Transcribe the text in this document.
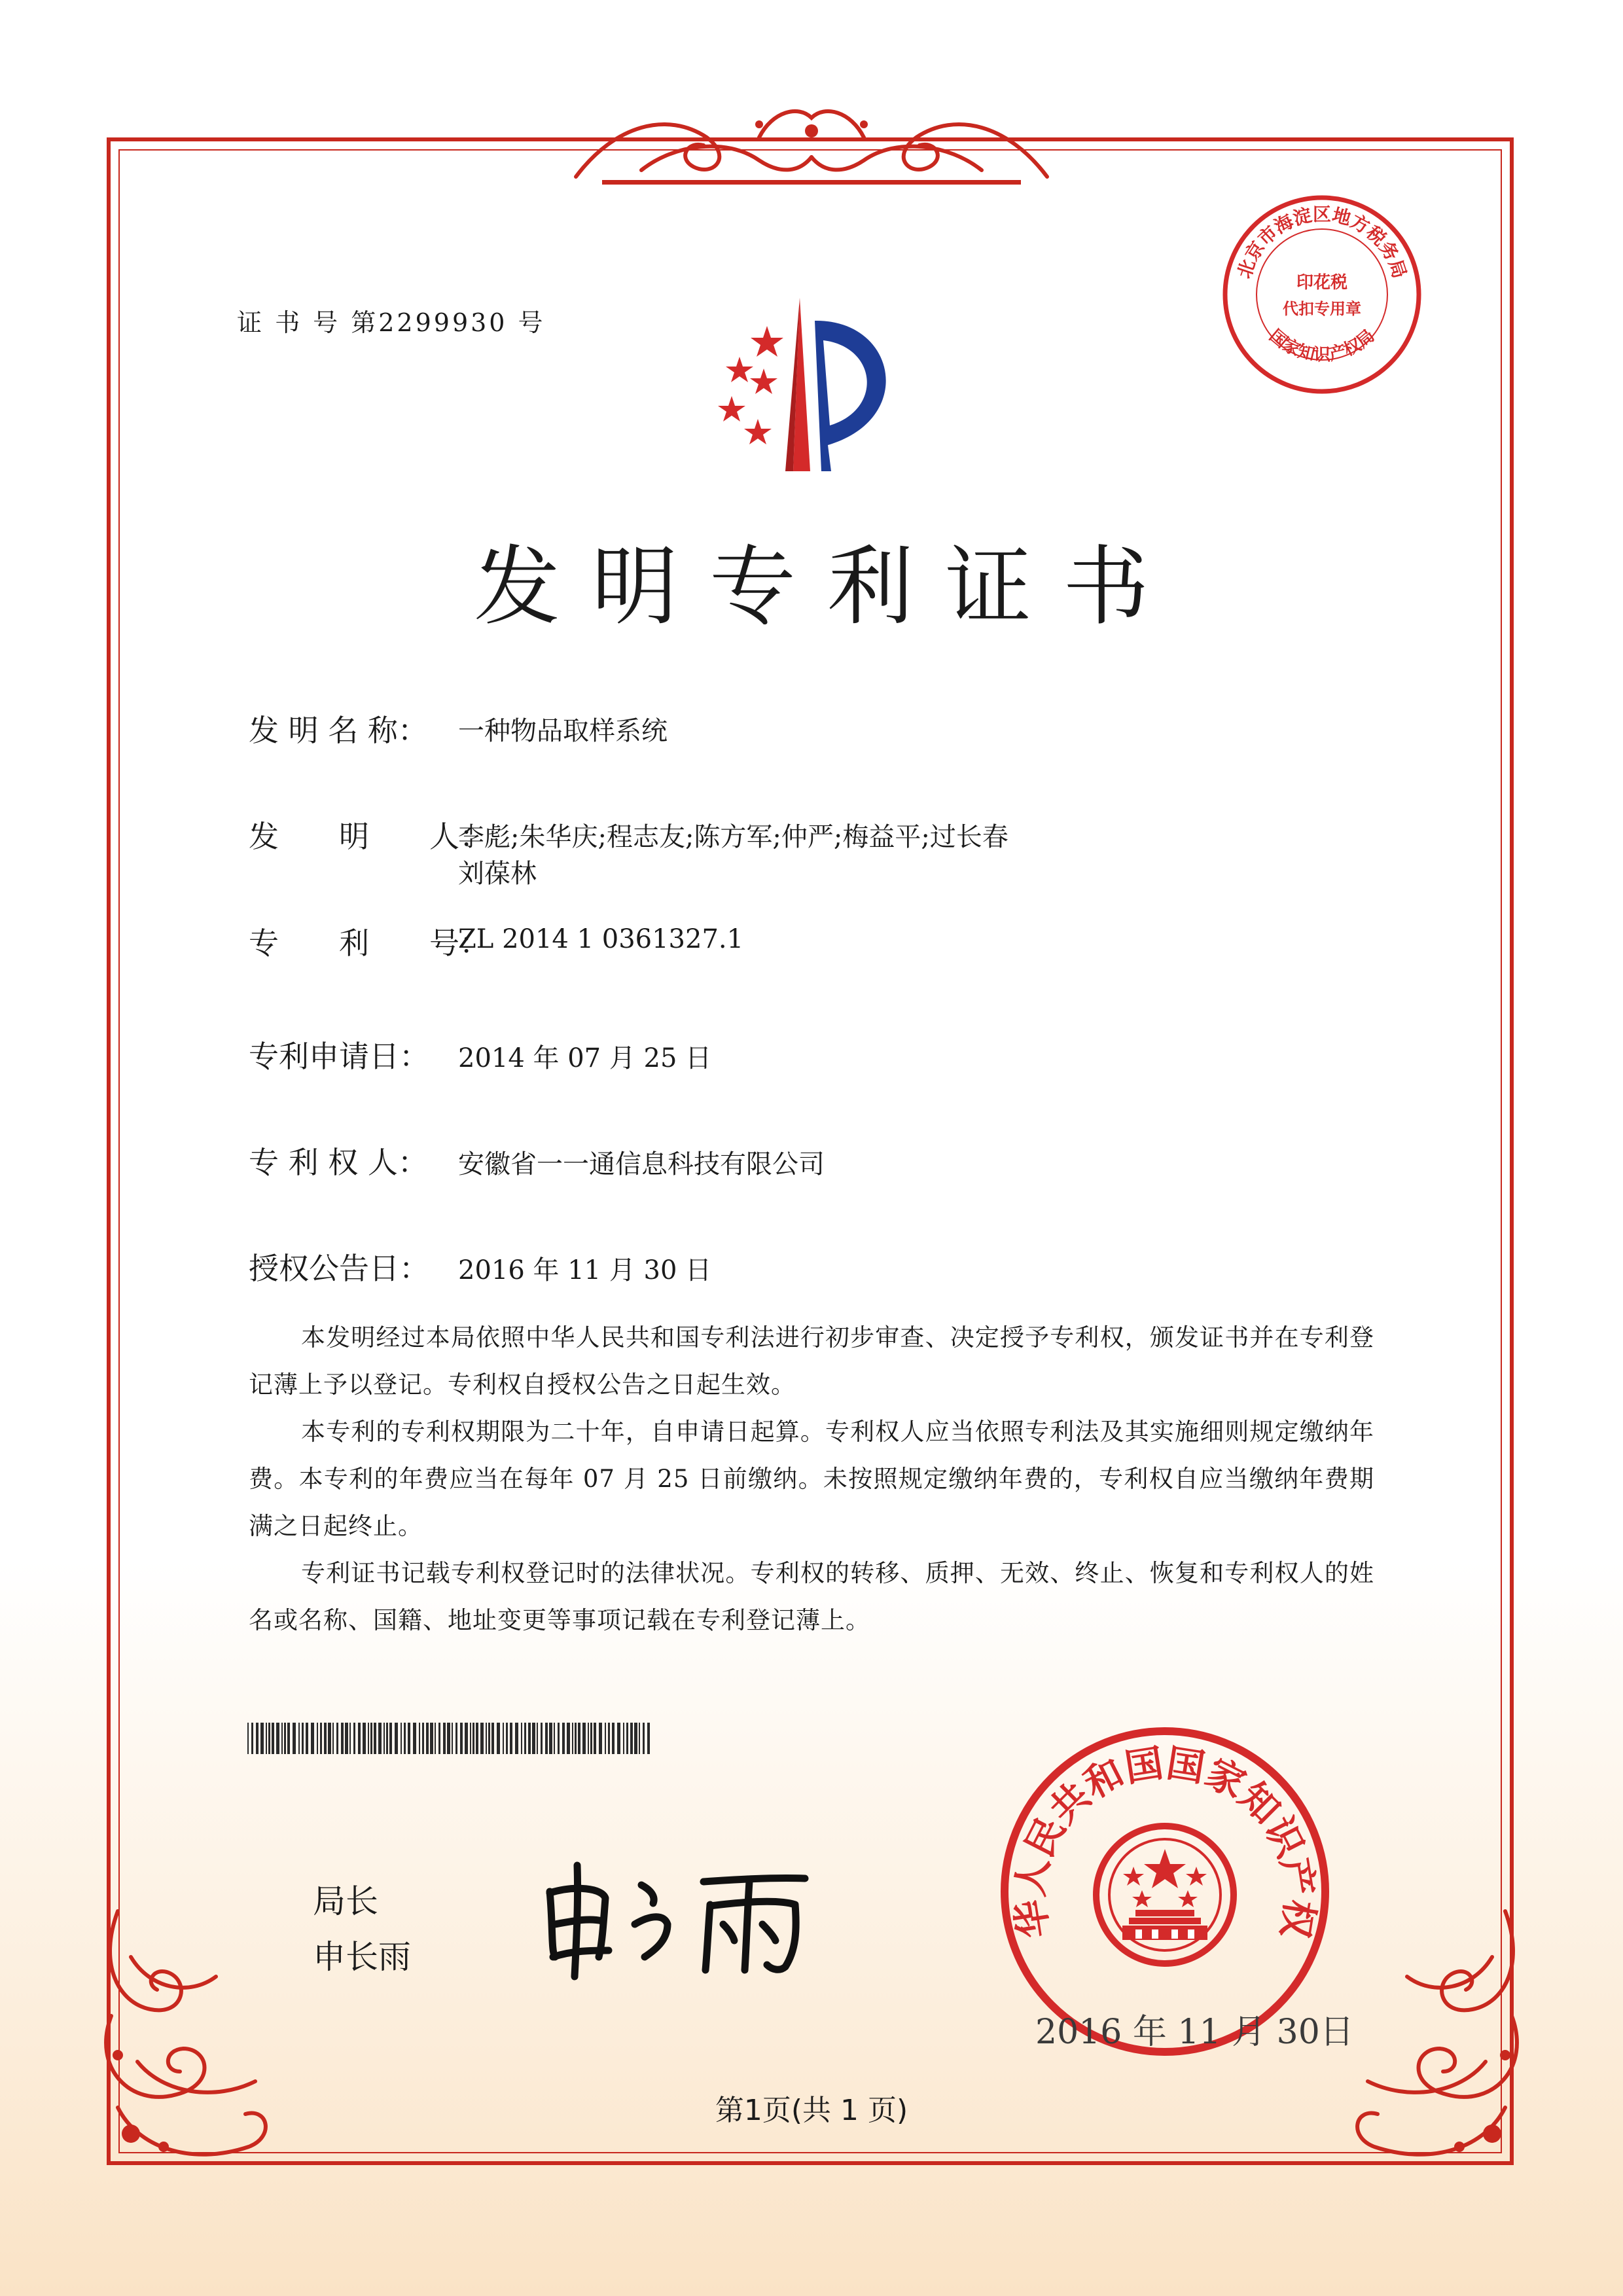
证 书 号 第2299930 号
北京市海淀区地方税务局
国家知识产权局
印花税
代扣专用章
发明专利证书
发 明 名 称： 一种物品取样系统
发　　明　　人：
李彪;朱华庆;程志友;陈方军;仲严;梅益平;过长春
刘葆林
专　　利　　号：
ZL 2014 1 0361327.1
专利申请日： 2014 年 07 月 25 日
专 利 权 人： 安徽省一一通信息科技有限公司
授权公告日： 2016 年 11 月 30 日

本发明经过本局依照中华人民共和国专利法进行初步审查、决定授予专利权，颁发证书并在专利登记薄上予以登记。专利权自授权公告之日起生效。

本专利的专利权期限为二十年，自申请日起算。专利权人应当依照专利法及其实施细则规定缴纳年费。本专利的年费应当在每年 07 月 25 日前缴纳。未按照规定缴纳年费的，专利权自应当缴纳年费期满之日起终止。

专利证书记载专利权登记时的法律状况。专利权的转移、质押、无效、终止、恢复和专利权人的姓名或名称、国籍、地址变更等事项记载在专利登记薄上。

局长
申长雨
华人民共和国国家知识产权
2016 年 11 月 30日
第1页(共 1 页)
